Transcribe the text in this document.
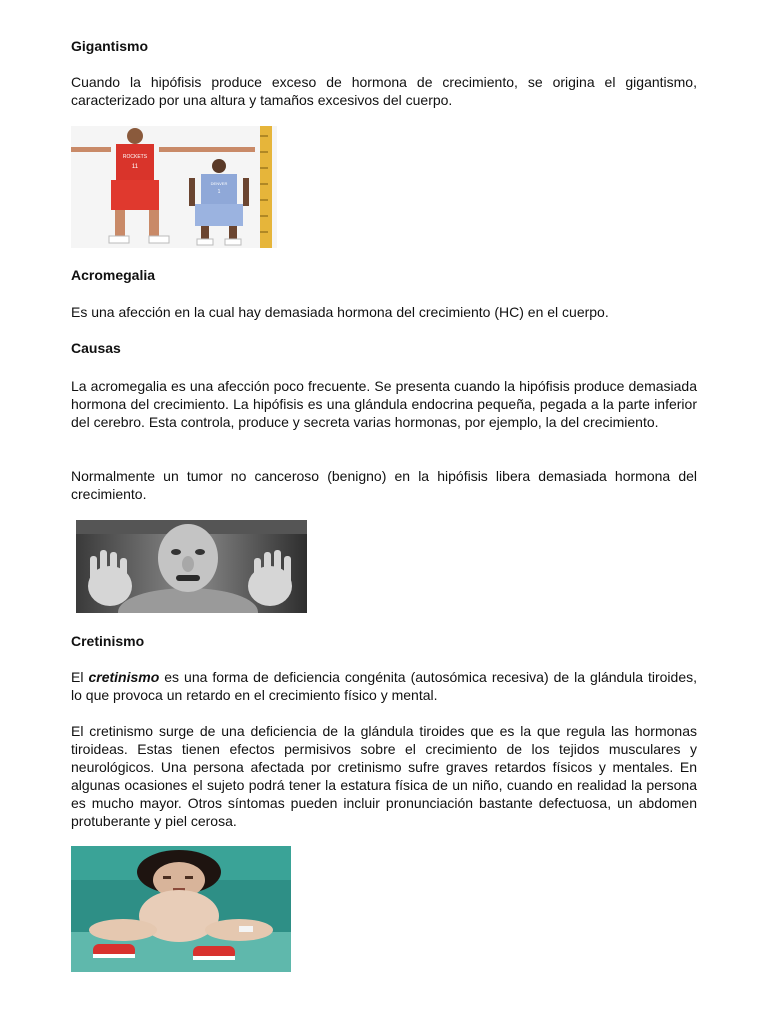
Gigantismo

Cuando la hipófisis produce exceso de hormona de crecimiento, se origina el gigantismo, caracterizado por una altura y tamaños excesivos del cuerpo.

ROCKETS
11
DENVER
1
Acromegalia

Es una afección en la cual hay demasiada hormona del crecimiento (HC) en el cuerpo.

Causas

La acromegalia es una afección poco frecuente. Se presenta cuando la hipófisis produce demasiada hormona del crecimiento. La hipófisis es una glándula endocrina pequeña, pegada a la parte inferior del cerebro. Esta controla, produce y secreta varias hormonas, por ejemplo, la del crecimiento.

Normalmente un tumor no canceroso (benigno) en la hipófisis libera demasiada hormona del crecimiento.

Cretinismo

El cretinismo es una forma de deficiencia congénita (autosómica recesiva) de la glándula tiroides, lo que provoca un retardo en el crecimiento físico y mental.

El cretinismo surge de una deficiencia de la glándula tiroides que es la que regula las hormonas tiroideas. Estas tienen efectos permisivos sobre el crecimiento de los tejidos musculares y neurológicos. Una persona afectada por cretinismo sufre graves retardos físicos y mentales. En algunas ocasiones el sujeto podrá tener la estatura física de un niño, cuando en realidad la persona es mucho mayor. Otros síntomas pueden incluir pronunciación bastante defectuosa, un abdomen protuberante y piel cerosa.
